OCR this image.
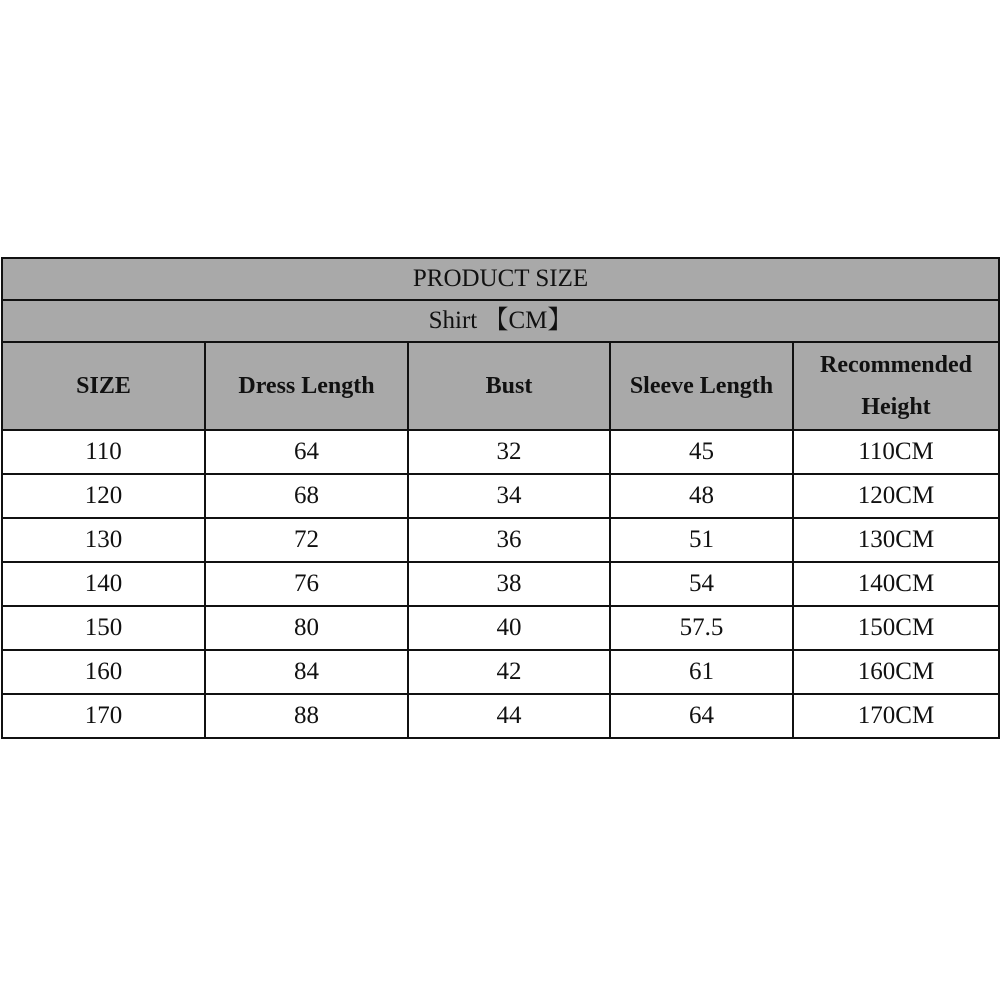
PRODUCT SIZE				
Shirt 【CM】				
SIZE	Dress Length	Bust	Sleeve Length	Recommended Height
110	64	32	45	110CM
120	68	34	48	120CM
130	72	36	51	130CM
140	76	38	54	140CM
150	80	40	57.5	150CM
160	84	42	61	160CM
170	88	44	64	170CM
